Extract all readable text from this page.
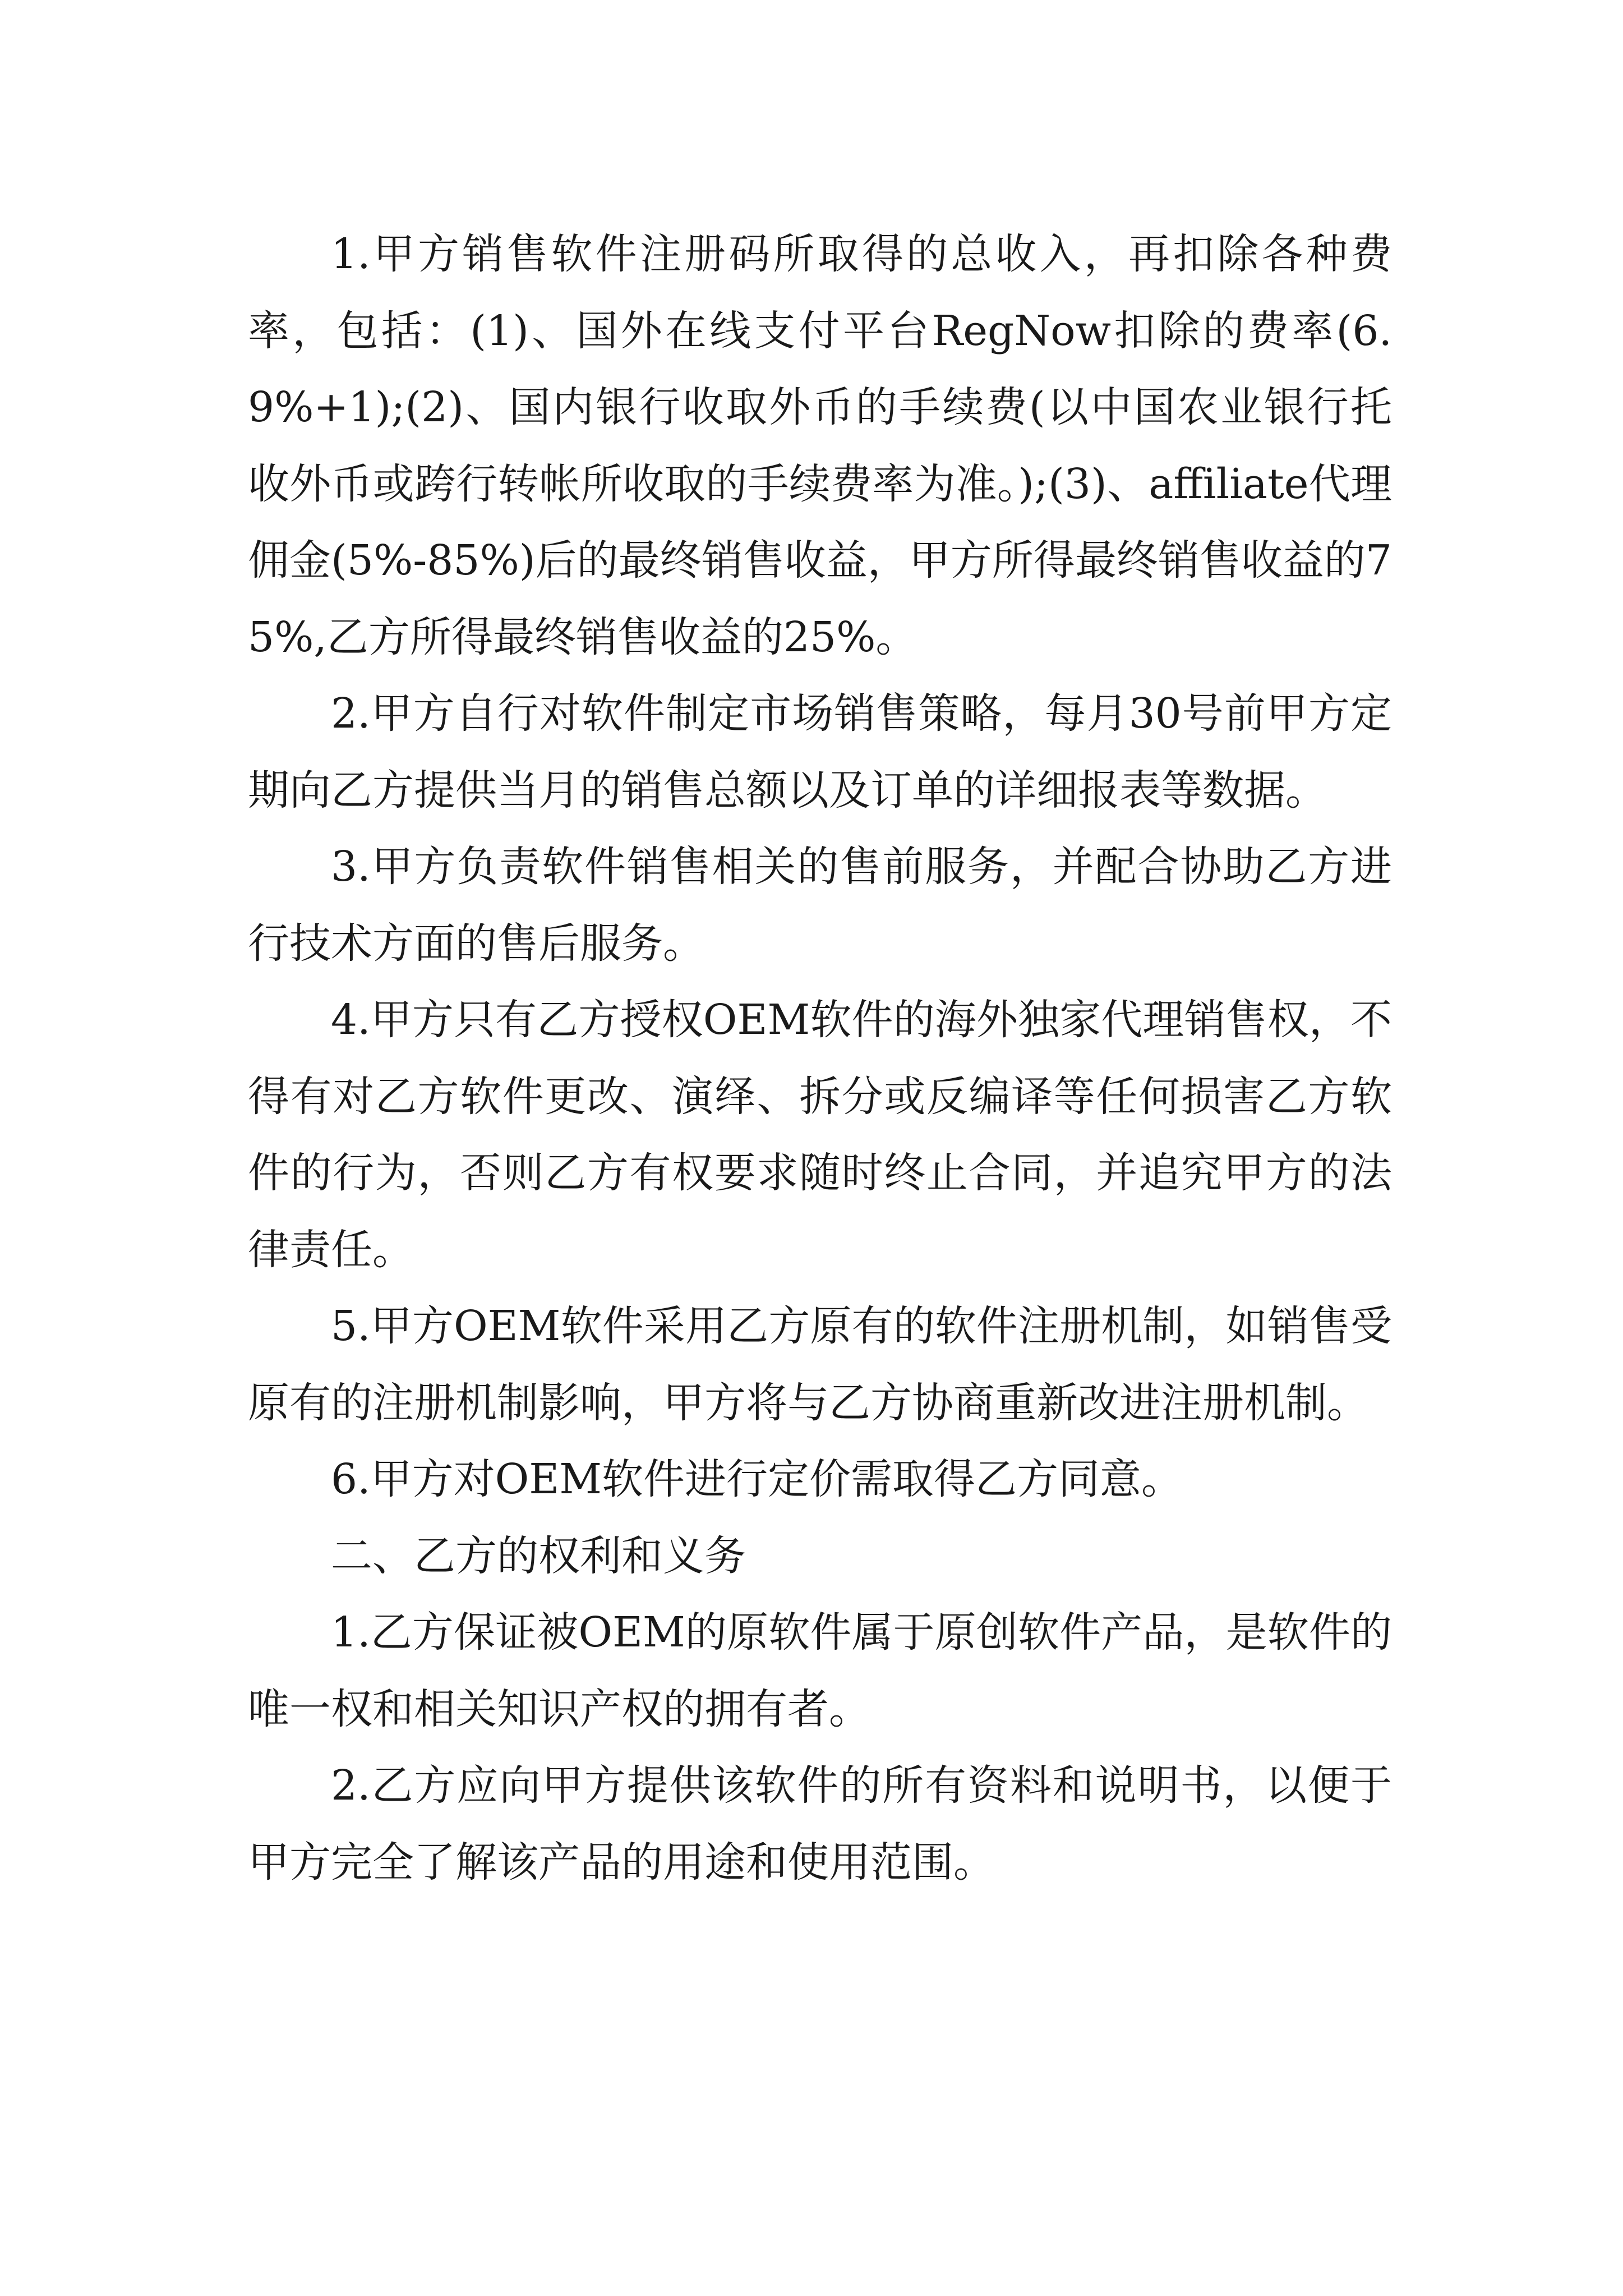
1.甲方销售软件注册码所取得的总收入，再扣除各种费率，包括：(1)、国外在线支付平台RegNow扣除的费率(6.9%+1);(2)、国内银行收取外币的手续费(以中国农业银行托收外币或跨行转帐所收取的手续费率为准。);(3)、affiliate代理佣金(5%-85%)后的最终销售收益，甲方所得最终销售收益的75%,乙方所得最终销售收益的25%。

2.甲方自行对软件制定市场销售策略，每月30号前甲方定期向乙方提供当月的销售总额以及订单的详细报表等数据。

3.甲方负责软件销售相关的售前服务，并配合协助乙方进行技术方面的售后服务。

4.甲方只有乙方授权OEM软件的海外独家代理销售权，不得有对乙方软件更改、演绎、拆分或反编译等任何损害乙方软件的行为，否则乙方有权要求随时终止合同，并追究甲方的法律责任。

5.甲方OEM软件采用乙方原有的软件注册机制，如销售受原有的注册机制影响，甲方将与乙方协商重新改进注册机制。

6.甲方对OEM软件进行定价需取得乙方同意。

二、乙方的权利和义务

1.乙方保证被OEM的原软件属于原创软件产品，是软件的唯一权和相关知识产权的拥有者。

2.乙方应向甲方提供该软件的所有资料和说明书，以便于甲方完全了解该产品的用途和使用范围。
